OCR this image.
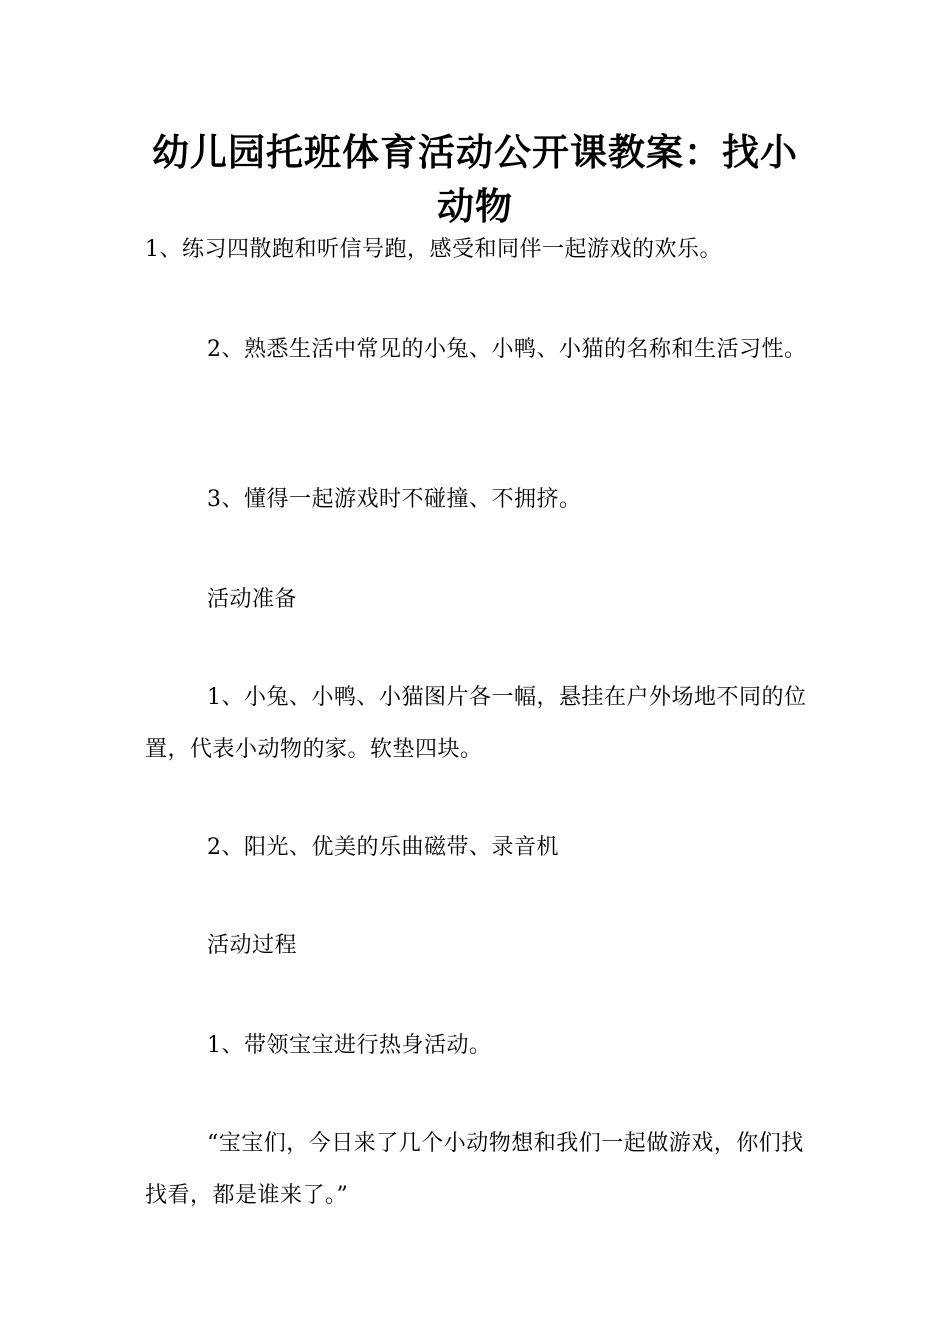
幼儿园托班体育活动公开课教案：找小动物

1、练习四散跑和听信号跑，感受和同伴一起游戏的欢乐。

2、熟悉生活中常见的小兔、小鸭、小猫的名称和生活习性。

3、懂得一起游戏时不碰撞、不拥挤。

活动准备

1、小兔、小鸭、小猫图片各一幅，悬挂在户外场地不同的位置，代表小动物的家。软垫四块。

2、阳光、优美的乐曲磁带、录音机

活动过程

1、带领宝宝进行热身活动。

“宝宝们，今日来了几个小动物想和我们一起做游戏，你们找找看，都是谁来了。”
